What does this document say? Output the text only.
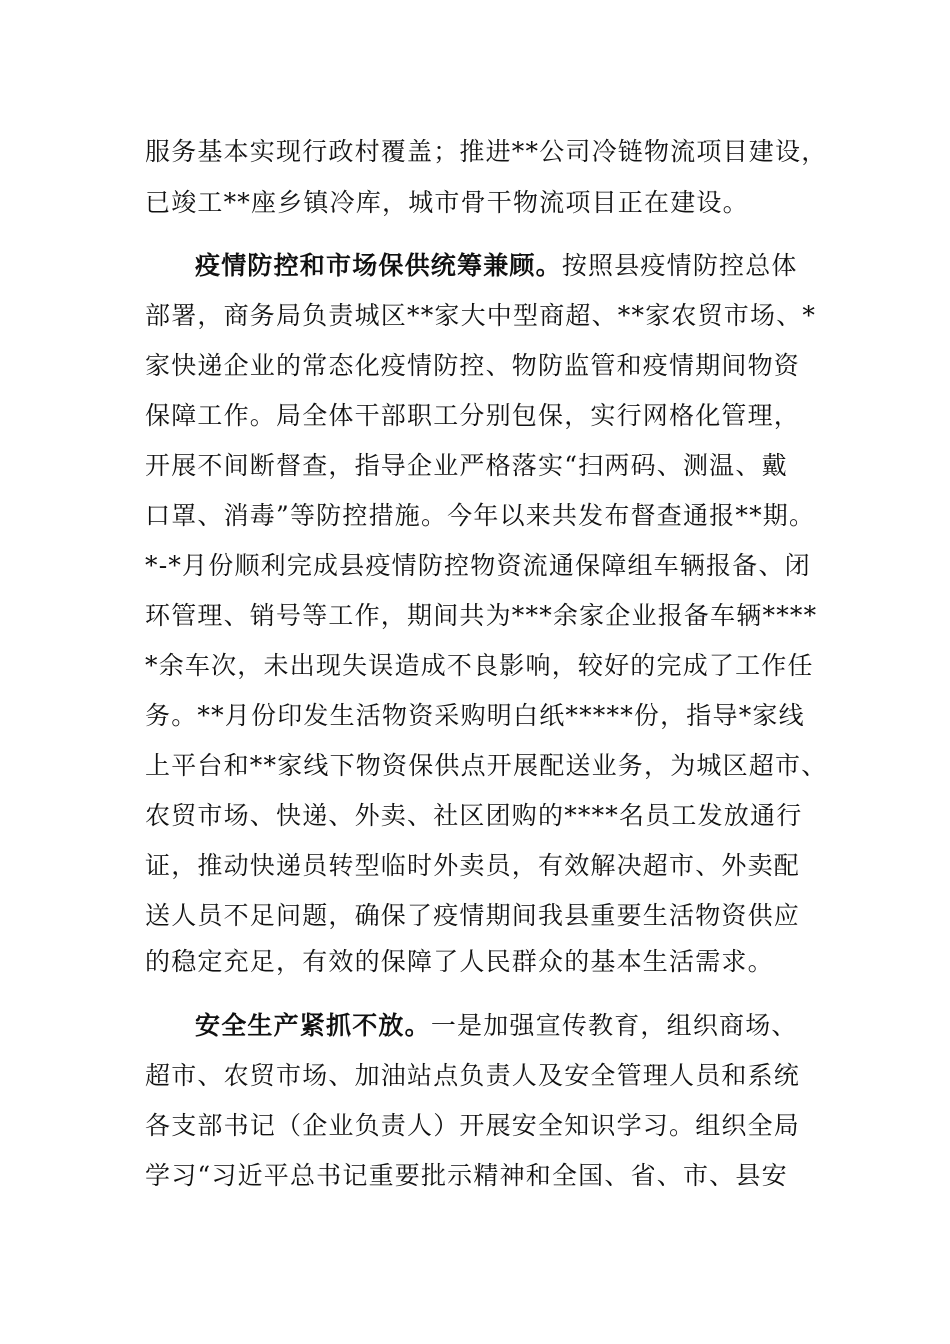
服务基本实现行政村覆盖；推进**公司冷链物流项目建设，
已竣工**座乡镇冷库，城市骨干物流项目正在建设。
疫情防控和市场保供统筹兼顾。按照县疫情防控总体
部署，商务局负责城区**家大中型商超、**家农贸市场、*
家快递企业的常态化疫情防控、物防监管和疫情期间物资
保障工作。局全体干部职工分别包保，实行网格化管理，
开展不间断督查，指导企业严格落实“扫两码、测温、戴
口罩、消毒”等防控措施。今年以来共发布督查通报**期。
*-*月份顺利完成县疫情防控物资流通保障组车辆报备、闭
环管理、销号等工作，期间共为***余家企业报备车辆****
*余车次，未出现失误造成不良影响，较好的完成了工作任
务。**月份印发生活物资采购明白纸*****份，指导*家线
上平台和**家线下物资保供点开展配送业务，为城区超市、
农贸市场、快递、外卖、社区团购的****名员工发放通行
证，推动快递员转型临时外卖员，有效解决超市、外卖配
送人员不足问题，确保了疫情期间我县重要生活物资供应
的稳定充足，有效的保障了人民群众的基本生活需求。
安全生产紧抓不放。一是加强宣传教育，组织商场、
超市、农贸市场、加油站点负责人及安全管理人员和系统
各支部书记（企业负责人）开展安全知识学习。组织全局
学习“习近平总书记重要批示精神和全国、省、市、县安
